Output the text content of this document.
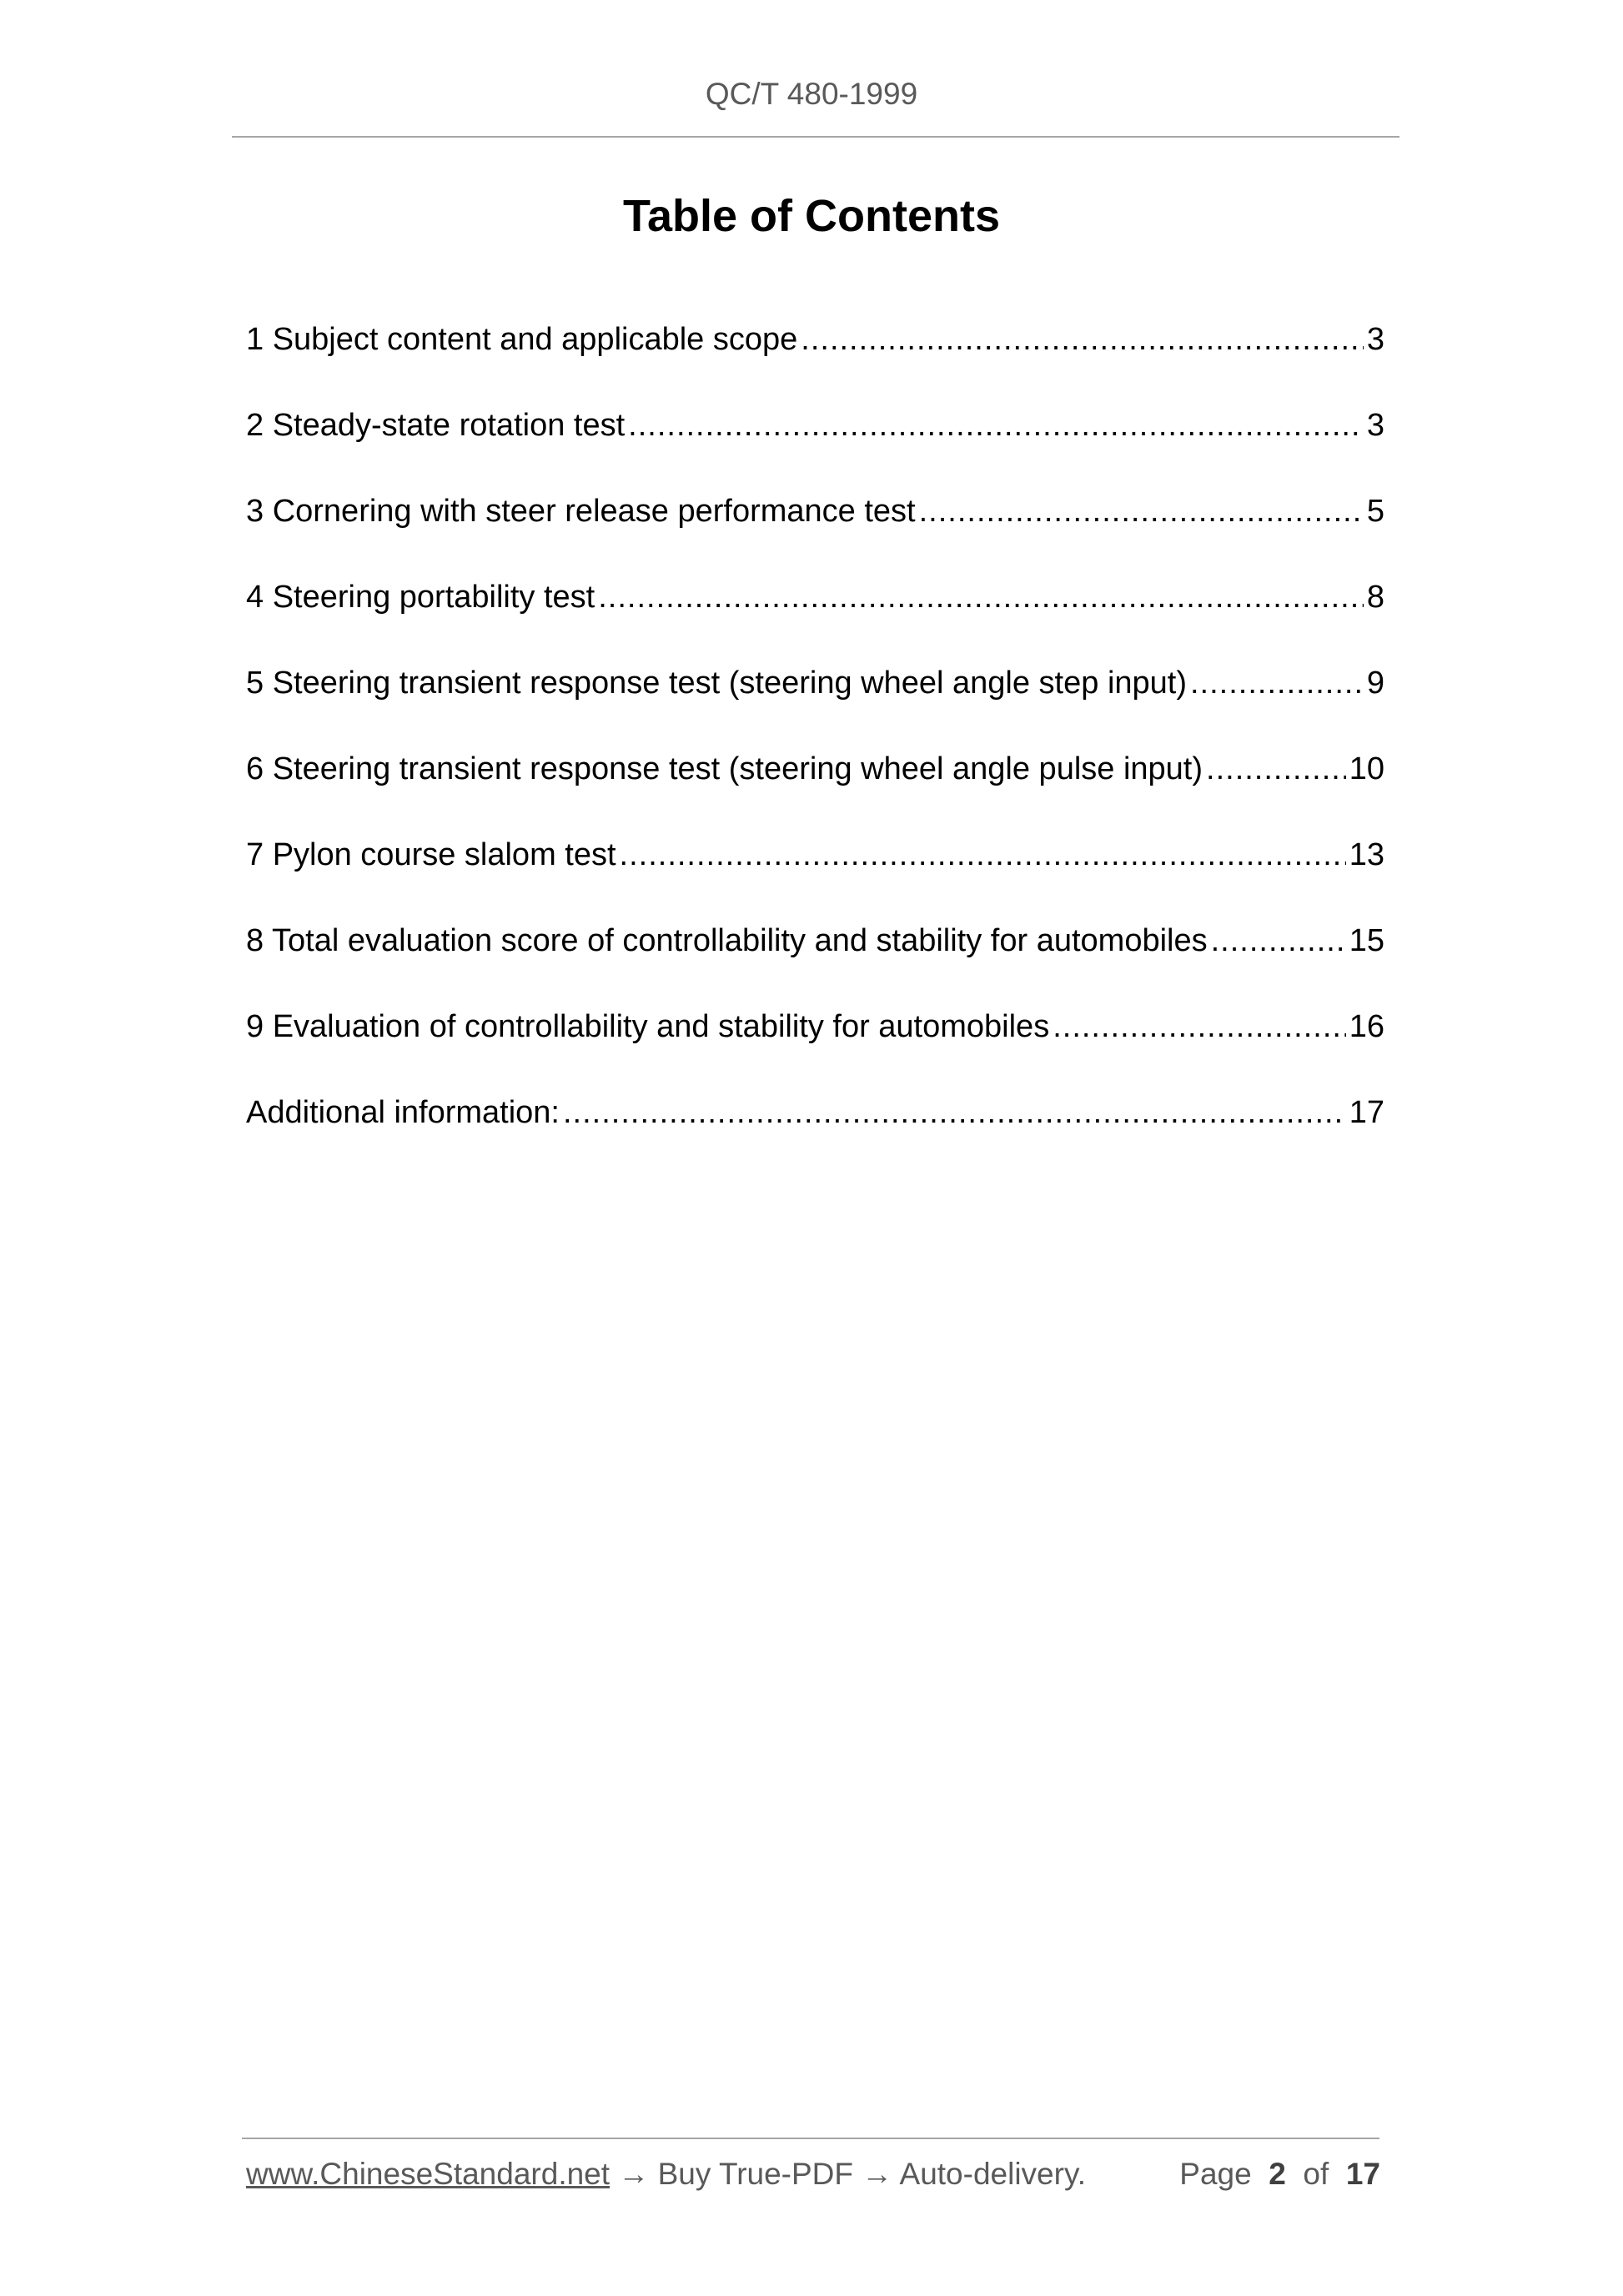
QC/T 480-1999
Table of Contents
1 Subject content and applicable scope .....	3
2 Steady-state rotation test .....	3
3 Cornering with steer release performance test .....	5
4 Steering portability test .....	8
5 Steering transient response test (steering wheel angle step input) .....	9
6 Steering transient response test (steering wheel angle pulse input) .....	10
7 Pylon course slalom test .....	13
8 Total evaluation score of controllability and stability for automobiles .....	15
9 Evaluation of controllability and stability for automobiles .....	16
Additional information: .....	17
www.ChineseStandard.net → Buy True-PDF → Auto-delivery.	Page 2 of 17
